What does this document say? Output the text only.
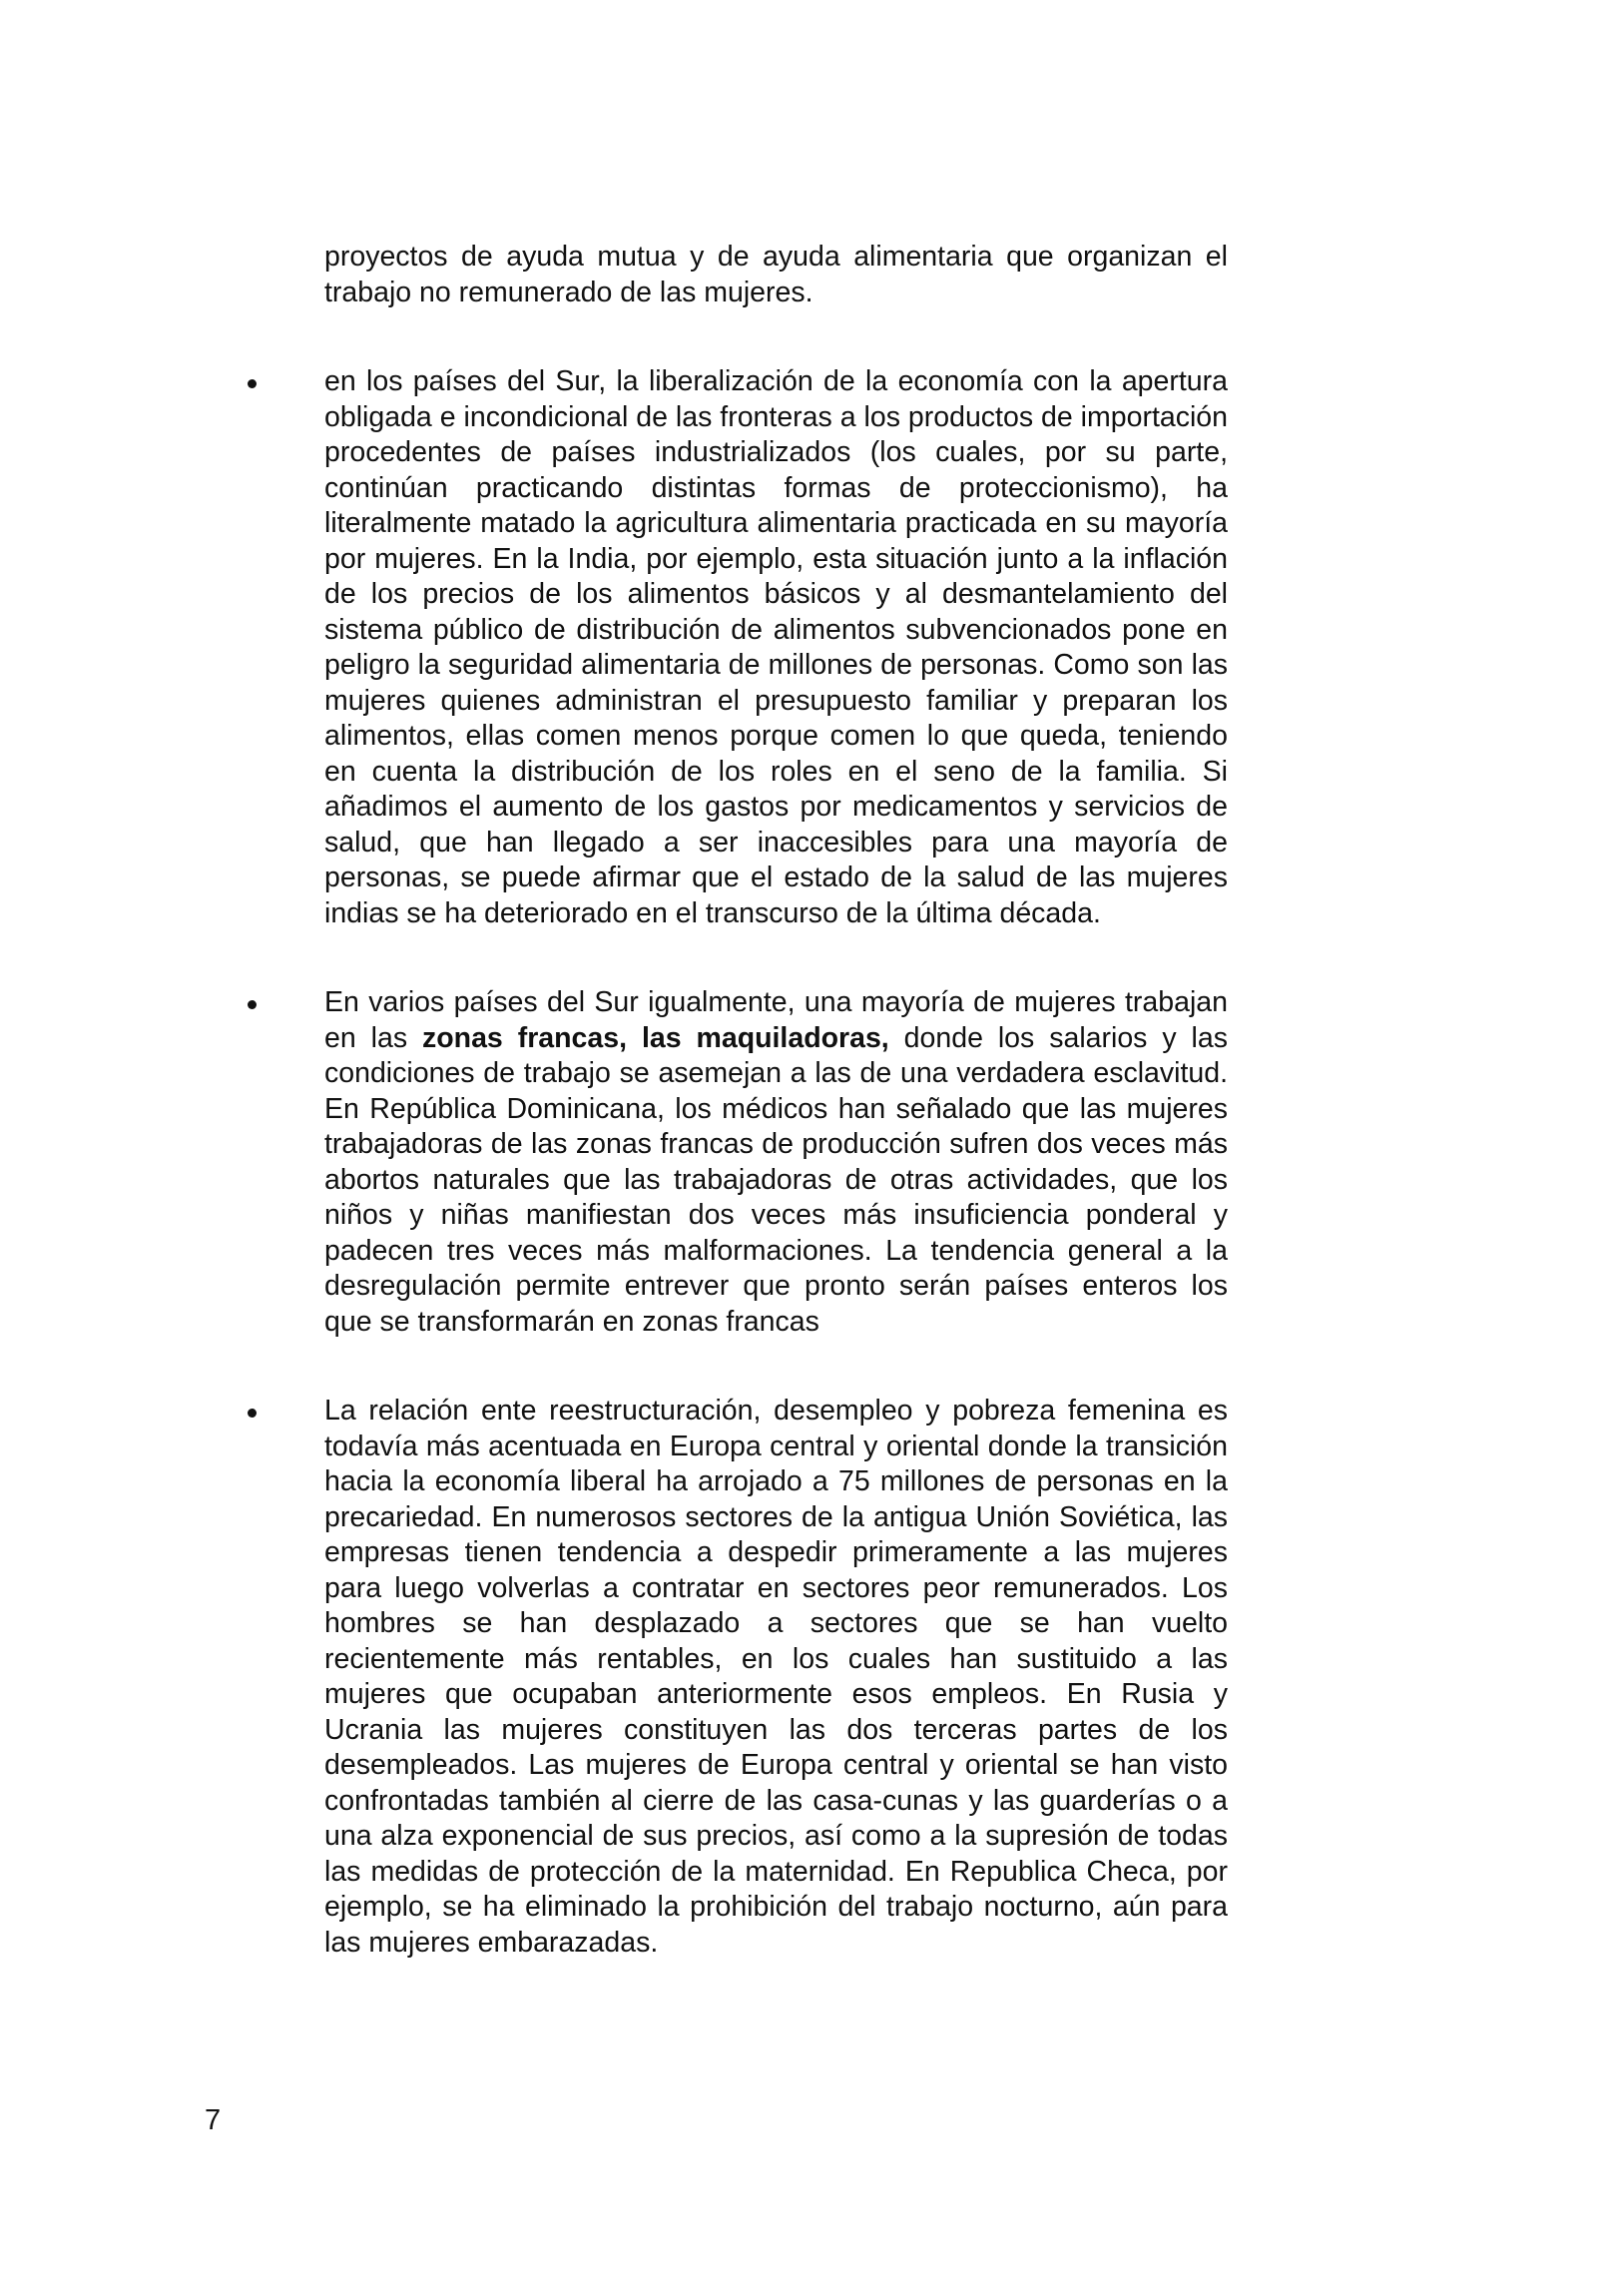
proyectos de ayuda mutua y de ayuda alimentaria que organizan el trabajo no remunerado de las mujeres.

en los países del Sur, la liberalización de la economía con la apertura obligada e incondicional de las fronteras a los productos de importación procedentes de países industrializados (los cuales, por su parte, continúan practicando distintas formas de proteccionismo), ha literalmente matado la agricultura alimentaria practicada en su mayoría por mujeres. En la India, por ejemplo, esta situación junto a la inflación de los precios de los alimentos básicos y al desmantelamiento del sistema público de distribución de alimentos subvencionados pone en peligro la seguridad alimentaria de millones de personas. Como son las mujeres quienes administran el presupuesto familiar y preparan los alimentos, ellas comen menos porque comen lo que queda, teniendo en cuenta la distribución de los roles en el seno de la familia. Si añadimos el aumento de los gastos por medicamentos y servicios de salud, que han llegado a ser inaccesibles para una mayoría de personas, se puede afirmar que el estado de la salud de las mujeres indias se ha deteriorado en el transcurso de la última década.

En varios países del Sur igualmente, una mayoría de mujeres trabajan en las zonas francas, las maquiladoras, donde los salarios y las condiciones de trabajo se asemejan a las de una verdadera esclavitud. En República Dominicana, los médicos han señalado que las mujeres trabajadoras de las zonas francas de producción sufren dos veces más abortos naturales que las trabajadoras de otras actividades, que los niños y niñas manifiestan dos veces más insuficiencia ponderal y padecen tres veces más malformaciones. La tendencia general a la desregulación permite entrever que pronto serán países enteros los que se transformarán en zonas francas

La relación ente reestructuración, desempleo y pobreza femenina es todavía más acentuada en Europa central y oriental donde la transición hacia la economía liberal ha arrojado a 75 millones de personas en la precariedad. En numerosos sectores de la antigua Unión Soviética, las empresas tienen tendencia a despedir primeramente a las mujeres para luego volverlas a contratar en sectores peor remunerados. Los hombres se han desplazado a sectores que se han vuelto recientemente más rentables, en los cuales han sustituido a las mujeres que ocupaban anteriormente esos empleos. En Rusia y Ucrania las mujeres constituyen las dos terceras partes de los desempleados. Las mujeres de Europa central y oriental se han visto confrontadas también al cierre de las casa-cunas y las guarderías o a una alza exponencial de sus precios, así como a la supresión de todas las medidas de protección de la maternidad. En Republica Checa, por ejemplo, se ha eliminado la prohibición del trabajo nocturno, aún para las mujeres embarazadas.

7
